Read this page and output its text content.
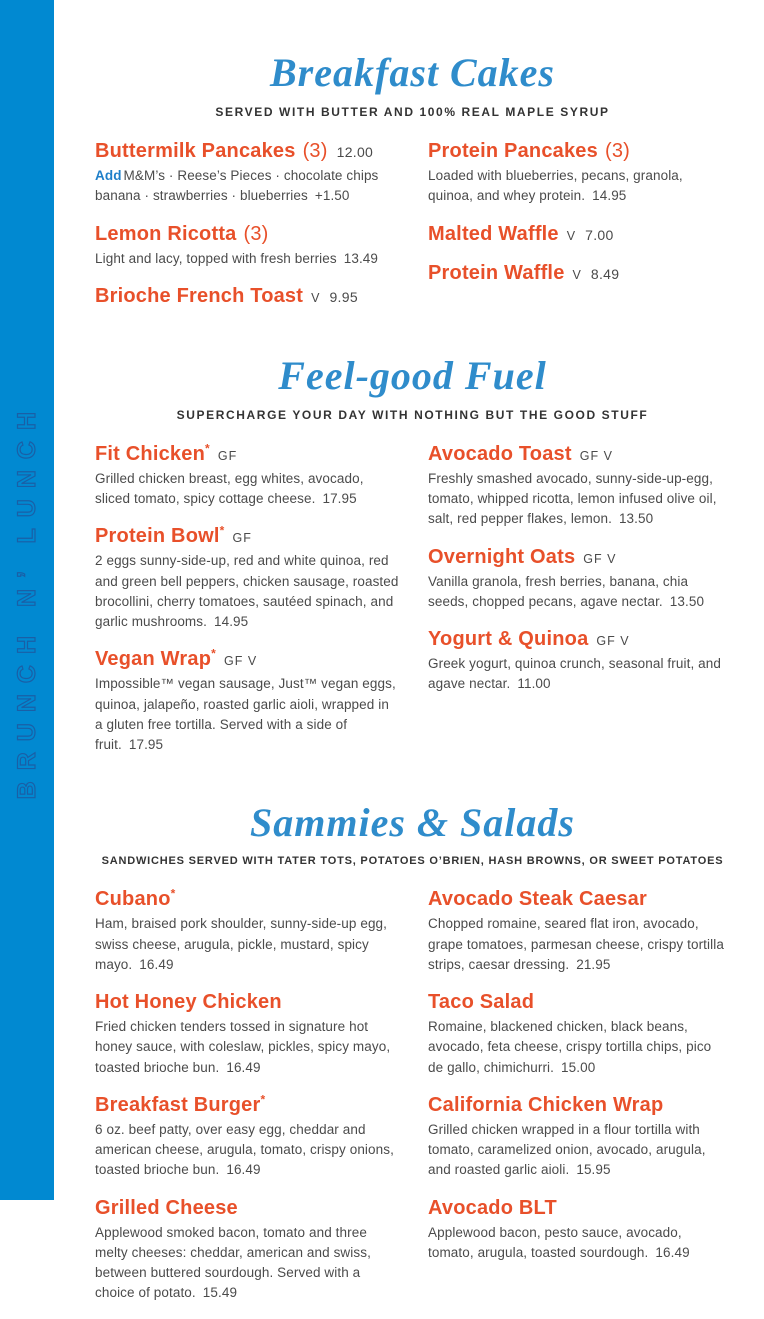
BRUNCH N’ LUNCH
Breakfast Cakes

SERVED WITH BUTTER AND 100% REAL MAPLE SYRUP

Buttermilk Pancakes (3) 12.00

Add M&M’s · Reese’s Pieces · chocolate chips banana · strawberries · blueberries +1.50

Lemon Ricotta (3)

Light and lacy, topped with fresh berries 13.49

Brioche French Toast V 9.95
Protein Pancakes (3)

Loaded with blueberries, pecans, granola, quinoa, and whey protein. 14.95

Malted Waffle V 7.00
Protein Waffle V 8.49
Feel-good Fuel

SUPERCHARGE YOUR DAY WITH NOTHING BUT THE GOOD STUFF

Fit Chicken*GF

Grilled chicken breast, egg whites, avocado, sliced tomato, spicy cottage cheese. 17.95

Protein Bowl*GF

2 eggs sunny-side-up, red and white quinoa, red and green bell peppers, chicken sausage, roasted brocollini, cherry tomatoes, sautéed spinach, and garlic mushrooms. 14.95

Vegan Wrap*GF V

Impossible™ vegan sausage, Just™ vegan eggs, quinoa, jalapeño, roasted garlic aioli, wrapped in a gluten free tortilla. Served with a side of fruit. 17.95

Avocado Toast GF V

Freshly smashed avocado, sunny-side-up-egg, tomato, whipped ricotta, lemon infused olive oil, salt, red pepper flakes, lemon. 13.50

Overnight Oats GF V

Vanilla granola, fresh berries, banana, chia seeds, chopped pecans, agave nectar. 13.50

Yogurt & Quinoa GF V

Greek yogurt, quinoa crunch, seasonal fruit, and agave nectar. 11.00

Sammies & Salads

SANDWICHES SERVED WITH TATER TOTS, POTATOES O’BRIEN, HASH BROWNS, OR SWEET POTATOES

Cubano*

Ham, braised pork shoulder, sunny-side-up egg, swiss cheese, arugula, pickle, mustard, spicy mayo. 16.49

Hot Honey Chicken

Fried chicken tenders tossed in signature hot honey sauce, with coleslaw, pickles, spicy mayo, toasted brioche bun. 16.49

Breakfast Burger*

6 oz. beef patty, over easy egg, cheddar and american cheese, arugula, tomato, crispy onions, toasted brioche bun. 16.49

Grilled Cheese

Applewood smoked bacon, tomato and three melty cheeses: cheddar, american and swiss, between buttered sourdough. Served with a choice of potato. 15.49

Avocado Steak Caesar

Chopped romaine, seared flat iron, avocado, grape tomatoes, parmesan cheese, crispy tortilla strips, caesar dressing. 21.95

Taco Salad

Romaine, blackened chicken, black beans, avocado, feta cheese, crispy tortilla chips, pico de gallo, chimichurri. 15.00

California Chicken Wrap

Grilled chicken wrapped in a flour tortilla with tomato, caramelized onion, avocado, arugula, and roasted garlic aioli. 15.95

Avocado BLT

Applewood bacon, pesto sauce, avocado, tomato, arugula, toasted sourdough. 16.49
